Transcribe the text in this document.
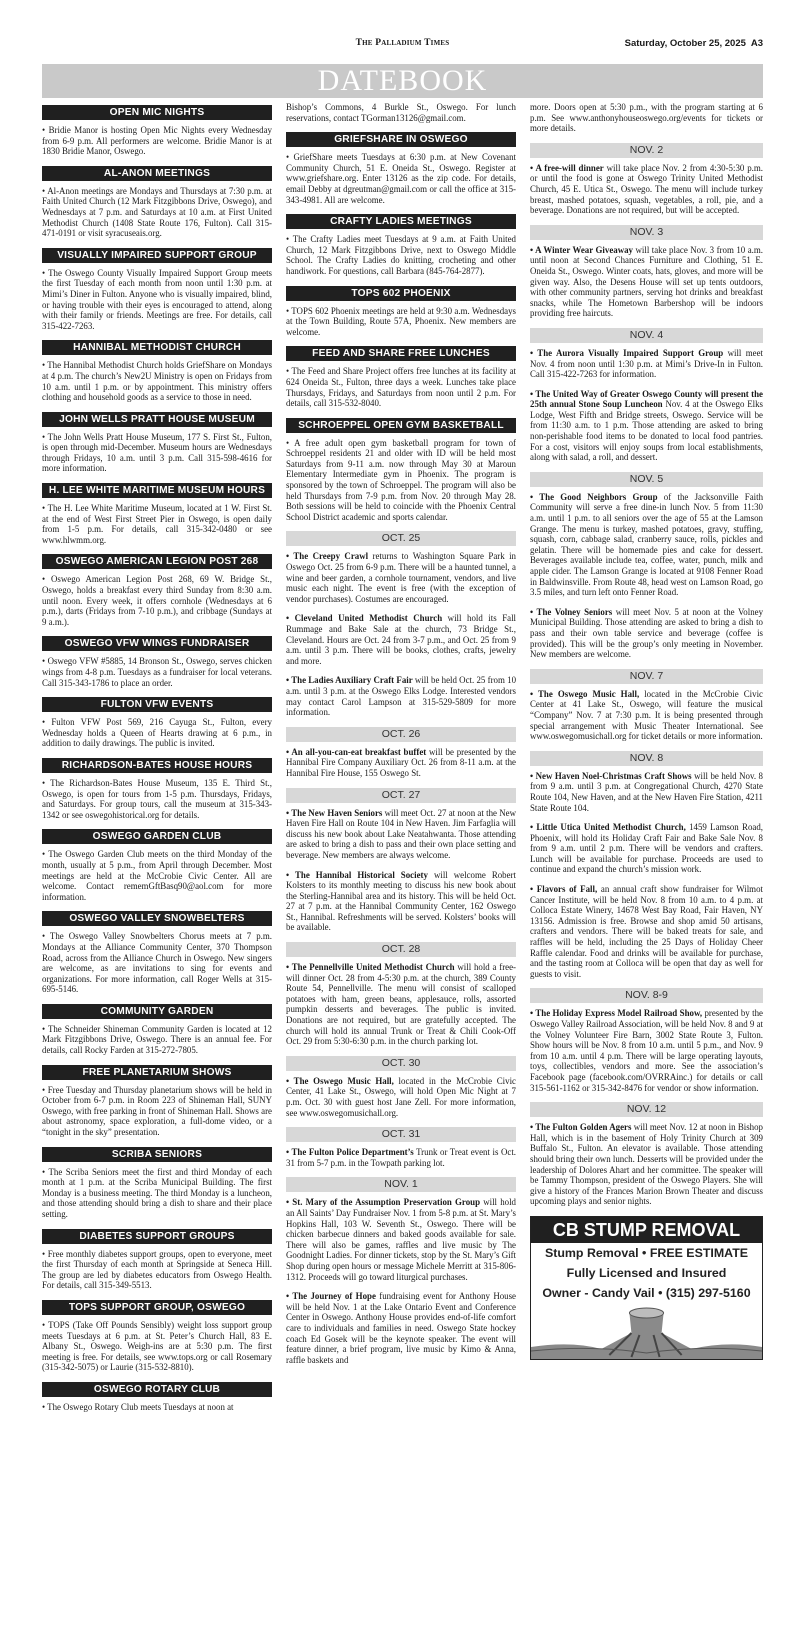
The Palladium Times	Saturday, October 25, 2025 A3
DATEBOOK
OPEN MIC NIGHTS

• Bridie Manor is hosting Open Mic Nights every Wednesday from 6-9 p.m. All performers are welcome. Bridie Manor is at 1830 Bridie Manor, Oswego.

AL-ANON MEETINGS

• Al-Anon meetings are Mondays and Thursdays at 7:30 p.m. at Faith United Church (12 Mark Fitzgibbons Drive, Oswego), and Wednesdays at 7 p.m. and Saturdays at 10 a.m. at First United Methodist Church (1408 State Route 176, Fulton). Call 315-471-0191 or visit syracuseais.org.

VISUALLY IMPAIRED SUPPORT GROUP

• The Oswego County Visually Impaired Support Group meets the first Tuesday of each month from noon until 1:30 p.m. at Mimi’s Diner in Fulton. Anyone who is visually impaired, blind, or having trouble with their eyes is encouraged to attend, along with their family or friends. Meetings are free. For details, call 315-422-7263.

HANNIBAL METHODIST CHURCH

• The Hannibal Methodist Church holds GriefShare on Mondays at 4 p.m. The church’s New2U Ministry is open on Fridays from 10 a.m. until 1 p.m. or by appointment. This ministry offers clothing and household goods as a service to those in need.

JOHN WELLS PRATT HOUSE MUSEUM

• The John Wells Pratt House Museum, 177 S. First St., Fulton, is open through mid-December. Museum hours are Wednesdays through Fridays, 10 a.m. until 3 p.m. Call 315-598-4616 for more information.

H. LEE WHITE MARITIME MUSEUM HOURS

• The H. Lee White Maritime Museum, located at 1 W. First St. at the end of West First Street Pier in Oswego, is open daily from 1-5 p.m. For details, call 315-342-0480 or see www.hlwmm.org.

OSWEGO AMERICAN LEGION POST 268

• Oswego American Legion Post 268, 69 W. Bridge St., Oswego, holds a breakfast every third Sunday from 8:30 a.m. until noon. Every week, it offers cornhole (Wednesdays at 6 p.m.), darts (Fridays from 7-10 p.m.), and cribbage (Sundays at 9 a.m.).

OSWEGO VFW WINGS FUNDRAISER

• Oswego VFW #5885, 14 Bronson St., Oswego, serves chicken wings from 4-8 p.m. Tuesdays as a fundraiser for local veterans. Call 315-343-1786 to place an order.

FULTON VFW EVENTS

• Fulton VFW Post 569, 216 Cayuga St., Fulton, every Wednesday holds a Queen of Hearts drawing at 6 p.m., in addition to daily drawings. The public is invited.

RICHARDSON-BATES HOUSE HOURS

• The Richardson-Bates House Museum, 135 E. Third St., Oswego, is open for tours from 1-5 p.m. Thursdays, Fridays, and Saturdays. For group tours, call the museum at 315-343-1342 or see oswegohistorical.org for details.

OSWEGO GARDEN CLUB

• The Oswego Garden Club meets on the third Monday of the month, usually at 5 p.m., from April through December. Most meetings are held at the McCrobie Civic Center. All are welcome. Contact rememGftBasq90@aol.com for more information.

OSWEGO VALLEY SNOWBELTERS

• The Oswego Valley Snowbelters Chorus meets at 7 p.m. Mondays at the Alliance Community Center, 370 Thompson Road, across from the Alliance Church in Oswego. New singers are welcome, as are invitations to sing for events and organizations. For more information, call Roger Wells at 315-695-5146.

COMMUNITY GARDEN

• The Schneider Shineman Community Garden is located at 12 Mark Fitzgibbons Drive, Oswego. There is an annual fee. For details, call Rocky Farden at 315-272-7805.

FREE PLANETARIUM SHOWS

• Free Tuesday and Thursday planetarium shows will be held in October from 6-7 p.m. in Room 223 of Shineman Hall, SUNY Oswego, with free parking in front of Shineman Hall. Shows are about astronomy, space exploration, a full-dome video, or a “tonight in the sky” presentation.

SCRIBA SENIORS

• The Scriba Seniors meet the first and third Monday of each month at 1 p.m. at the Scriba Municipal Building. The first Monday is a business meeting. The third Monday is a luncheon, and those attending should bring a dish to share and their place setting.

DIABETES SUPPORT GROUPS

• Free monthly diabetes support groups, open to everyone, meet the first Thursday of each month at Springside at Seneca Hill. The group are led by diabetes educators from Oswego Health. For details, call 315-349-5513.

TOPS SUPPORT GROUP, OSWEGO

• TOPS (Take Off Pounds Sensibly) weight loss support group meets Tuesdays at 6 p.m. at St. Peter’s Church Hall, 83 E. Albany St., Oswego. Weigh-ins are at 5:30 p.m. The first meeting is free. For details, see www.tops.org or call Rosemary (315-342-5075) or Laurie (315-532-8810).

OSWEGO ROTARY CLUB

• The Oswego Rotary Club meets Tuesdays at noon at

Bishop’s Commons, 4 Burkle St., Oswego. For lunch reservations, contact TGorman13126@gmail.com.

GRIEFSHARE IN OSWEGO

• GriefShare meets Tuesdays at 6:30 p.m. at New Covenant Community Church, 51 E. Oneida St., Oswego. Register at www.griefshare.org. Enter 13126 as the zip code. For details, email Debby at dgreutman@gmail.com or call the office at 315-343-4981. All are welcome.

CRAFTY LADIES MEETINGS

• The Crafty Ladies meet Tuesdays at 9 a.m. at Faith United Church, 12 Mark Fitzgibbons Drive, next to Oswego Middle School. The Crafty Ladies do knitting, crocheting and other handiwork. For questions, call Barbara (845-764-2877).

TOPS 602 PHOENIX

• TOPS 602 Phoenix meetings are held at 9:30 a.m. Wednesdays at the Town Building, Route 57A, Phoenix. New members are welcome.

FEED AND SHARE FREE LUNCHES

• The Feed and Share Project offers free lunches at its facility at 624 Oneida St., Fulton, three days a week. Lunches take place Thursdays, Fridays, and Saturdays from noon until 2 p.m. For details, call 315-532-8040.

SCHROEPPEL OPEN GYM BASKETBALL

• A free adult open gym basketball program for town of Schroeppel residents 21 and older with ID will be held most Saturdays from 9-11 a.m. now through May 30 at Maroun Elementary Intermediate gym in Phoenix. The program is sponsored by the town of Schroeppel. The program will also be held Thursdays from 7-9 p.m. from Nov. 20 through May 28. Both sessions will be held to coincide with the Phoenix Central School District academic and sports calendar.

OCT. 25

• The Creepy Crawl returns to Washington Square Park in Oswego Oct. 25 from 6-9 p.m. There will be a haunted tunnel, a wine and beer garden, a cornhole tournament, vendors, and live music each night. The event is free (with the exception of vendor purchases). Costumes are encouraged.

• Cleveland United Methodist Church will hold its Fall Rummage and Bake Sale at the church, 73 Bridge St., Cleveland. Hours are Oct. 24 from 3-7 p.m., and Oct. 25 from 9 a.m. until 3 p.m. There will be books, clothes, crafts, jewelry and more.

• The Ladies Auxiliary Craft Fair will be held Oct. 25 from 10 a.m. until 3 p.m. at the Oswego Elks Lodge. Interested vendors may contact Carol Lampson at 315-529-5809 for more information.

OCT. 26

• An all-you-can-eat breakfast buffet will be presented by the Hannibal Fire Company Auxiliary Oct. 26 from 8-11 a.m. at the Hannibal Fire House, 155 Oswego St.

OCT. 27

• The New Haven Seniors will meet Oct. 27 at noon at the New Haven Fire Hall on Route 104 in New Haven. Jim Farfaglia will discuss his new book about Lake Neatahwanta. Those attending are asked to bring a dish to pass and their own place setting and beverage. New members are always welcome.

• The Hannibal Historical Society will welcome Robert Kolsters to its monthly meeting to discuss his new book about the Sterling-Hannibal area and its history. This will be held Oct. 27 at 7 p.m. at the Hannibal Community Center, 162 Oswego St., Hannibal. Refreshments will be served. Kolsters’ books will be available.

OCT. 28

• The Pennellville United Methodist Church will hold a free-will dinner Oct. 28 from 4-5:30 p.m. at the church, 389 County Route 54, Pennellville. The menu will consist of scalloped potatoes with ham, green beans, applesauce, rolls, assorted pumpkin desserts and beverages. The public is invited. Donations are not required, but are gratefully accepted. The church will hold its annual Trunk or Treat & Chili Cook-Off Oct. 29 from 5:30-6:30 p.m. in the church parking lot.

OCT. 30

• The Oswego Music Hall, located in the McCrobie Civic Center, 41 Lake St., Oswego, will hold Open Mic Night at 7 p.m. Oct. 30 with guest host Jane Zell. For more information, see www.oswegomusichall.org.

OCT. 31

• The Fulton Police Department’s Trunk or Treat event is Oct. 31 from 5-7 p.m. in the Towpath parking lot.

NOV. 1

• St. Mary of the Assumption Preservation Group will hold an All Saints’ Day Fundraiser Nov. 1 from 5-8 p.m. at St. Mary’s Hopkins Hall, 103 W. Seventh St., Oswego. There will be chicken barbecue dinners and baked goods available for sale. There will also be games, raffles and live music by The Goodnight Ladies. For dinner tickets, stop by the St. Mary’s Gift Shop during open hours or message Michele Merritt at 315-806-1312. Proceeds will go toward liturgical purchases.

• The Journey of Hope fundraising event for Anthony House will be held Nov. 1 at the Lake Ontario Event and Conference Center in Oswego. Anthony House provides end-of-life comfort care to individuals and families in need. Oswego State hockey coach Ed Gosek will be the keynote speaker. The event will feature dinner, a brief program, live music by Kimo & Anna, raffle baskets and

more. Doors open at 5:30 p.m., with the program starting at 6 p.m. See www.anthonyhouseoswego.org/events for tickets or more details.

NOV. 2

• A free-will dinner will take place Nov. 2 from 4:30-5:30 p.m. or until the food is gone at Oswego Trinity United Methodist Church, 45 E. Utica St., Oswego. The menu will include turkey breast, mashed potatoes, squash, vegetables, a roll, pie, and a beverage. Donations are not required, but will be accepted.

NOV. 3

• A Winter Wear Giveaway will take place Nov. 3 from 10 a.m. until noon at Second Chances Furniture and Clothing, 51 E. Oneida St., Oswego. Winter coats, hats, gloves, and more will be given way. Also, the Desens House will set up tents outdoors, with other community partners, serving hot drinks and breakfast snacks, while The Hometown Barbershop will be indoors providing free haircuts.

NOV. 4

• The Aurora Visually Impaired Support Group will meet Nov. 4 from noon until 1:30 p.m. at Mimi’s Drive-In in Fulton. Call 315-422-7263 for information.

• The United Way of Greater Oswego County will present the 25th annual Stone Soup Luncheon Nov. 4 at the Oswego Elks Lodge, West Fifth and Bridge streets, Oswego. Service will be from 11:30 a.m. to 1 p.m. Those attending are asked to bring non-perishable food items to be donated to local food pantries. For a cost, visitors will enjoy soups from local establishments, along with salad, a roll, and dessert.

NOV. 5

• The Good Neighbors Group of the Jacksonville Faith Community will serve a free dine-in lunch Nov. 5 from 11:30 a.m. until 1 p.m. to all seniors over the age of 55 at the Lamson Grange. The menu is turkey, mashed potatoes, gravy, stuffing, squash, corn, cabbage salad, cranberry sauce, rolls, pickles and gelatin. There will be homemade pies and cake for dessert. Beverages available include tea, coffee, water, punch, milk and apple cider. The Lamson Grange is located at 9108 Fenner Road in Baldwinsville. From Route 48, head west on Lamson Road, go 3.5 miles, and turn left onto Fenner Road.

• The Volney Seniors will meet Nov. 5 at noon at the Volney Municipal Building. Those attending are asked to bring a dish to pass and their own table service and beverage (coffee is provided). This will be the group’s only meeting in November. New members are welcome.

NOV. 7

• The Oswego Music Hall, located in the McCrobie Civic Center at 41 Lake St., Oswego, will feature the musical “Company” Nov. 7 at 7:30 p.m. It is being presented through special arrangement with Music Theater International. See www.oswegomusichall.org for ticket details or more information.

NOV. 8

• New Haven Noel-Christmas Craft Shows will be held Nov. 8 from 9 a.m. until 3 p.m. at Congregational Church, 4270 State Route 104, New Haven, and at the New Haven Fire Station, 4211 State Route 104.

• Little Utica United Methodist Church, 1459 Lamson Road, Phoenix, will hold its Holiday Craft Fair and Bake Sale Nov. 8 from 9 a.m. until 2 p.m. There will be vendors and crafters. Lunch will be available for purchase. Proceeds are used to continue and expand the church’s mission work.

• Flavors of Fall, an annual craft show fundraiser for Wilmot Cancer Institute, will be held Nov. 8 from 10 a.m. to 4 p.m. at Colloca Estate Winery, 14678 West Bay Road, Fair Haven, NY 13156. Admission is free. Browse and shop amid 50 artisans, crafters and vendors. There will be baked treats for sale, and raffles will be held, including the 25 Days of Holiday Cheer Raffle calendar. Food and drinks will be available for purchase, and the tasting room at Colloca will be open that day as well for guests to visit.

NOV. 8-9

• The Holiday Express Model Railroad Show, presented by the Oswego Valley Railroad Association, will be held Nov. 8 and 9 at the Volney Volunteer Fire Barn, 3002 State Route 3, Fulton. Show hours will be Nov. 8 from 10 a.m. until 5 p.m., and Nov. 9 from 10 a.m. until 4 p.m. There will be large operating layouts, toys, collectibles, vendors and more. See the association’s Facebook page (facebook.com/OVRRAinc.) for details or call 315-561-1162 or 315-342-8476 for vendor or show information.

NOV. 12

• The Fulton Golden Agers will meet Nov. 12 at noon in Bishop Hall, which is in the basement of Holy Trinity Church at 309 Buffalo St., Fulton. An elevator is available. Those attending should bring their own lunch. Desserts will be provided under the leadership of Dolores Ahart and her committee. The speaker will be Tammy Thompson, president of the Oswego Players. She will give a history of the Frances Marion Brown Theater and discuss upcoming plays and senior nights.

CB STUMP REMOVAL
Stump Removal • FREE ESTIMATE
Fully Licensed and Insured
Owner - Candy Vail • (315) 297-5160
